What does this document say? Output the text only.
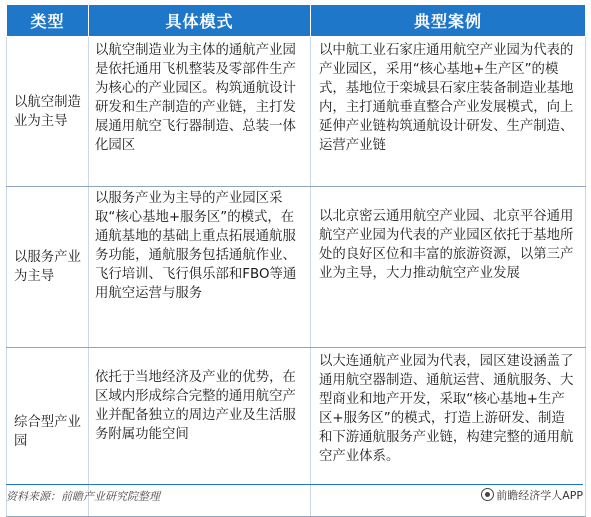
类型	具体模式	典型案例

以航空制造业为主导	以航空制造业为主体的通航产业园是依托通用飞机整装及零部件生产为核心的产业园区。构筑通航设计研发和生产制造的产业链，主打发展通用航空飞行器制造、总装一体化园区	以中航工业石家庄通用航空产业园为代表的产业园区，采用“核心基地+生产区”的模式，基地位于栾城县石家庄装备制造业基地内，主打通航垂直整合产业发展模式，向上延伸产业链构筑通航设计研发、生产制造、运营产业链

以服务产业为主导	以服务产业为主导的产业园区采取“核心基地+服务区”的模式，在通航基地的基础上重点拓展通航服务功能，通航服务包括通航作业、飞行培训、飞行俱乐部和FBO等通用航空运营与服务	以北京密云通用航空产业园、北京平谷通用航空产业园为代表的产业园区依托于基地所处的良好区位和丰富的旅游资源，以第三产业为主导，大力推动航空产业发展

综合型产业园	依托于当地经济及产业的优势，在区域内形成综合完整的通用航空产业并配备独立的周边产业及生活服务附属功能空间	以大连通航产业园为代表，园区建设涵盖了通用航空器制造、通航运营、通航服务、大型商业和地产开发，采取“核心基地+生产区+服务区”的模式，打造上游研发、制造和下游通航服务产业链，构建完整的通用航空产业体系。
资料来源：前瞻产业研究院整理	前瞻经济学人APP
